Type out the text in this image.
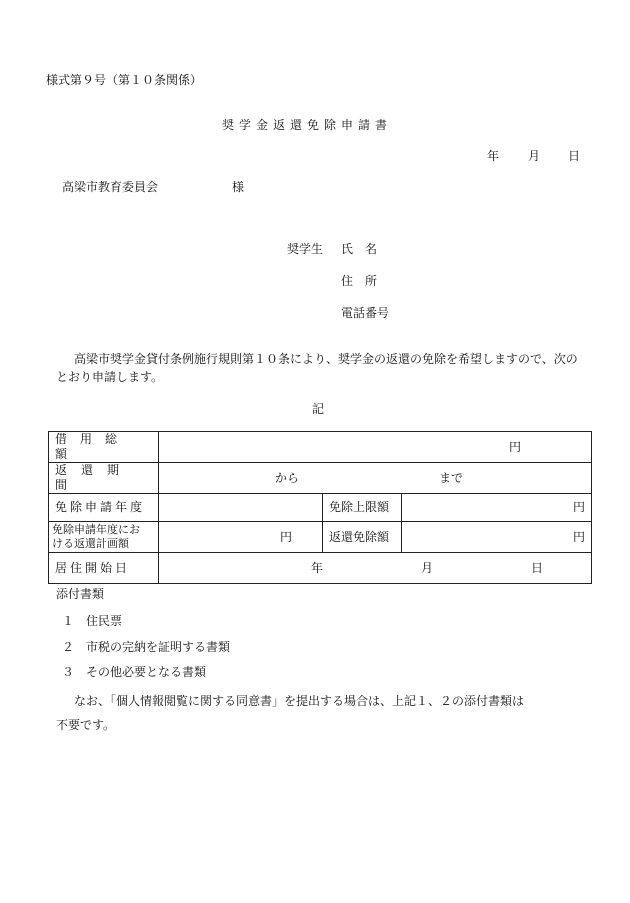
様式第９号（第１０条関係）
奨学金返還免除申請書
年 月 日
高梁市教育委員会	様
奨学生 氏　名
住　所
電話番号
高梁市奨学金貸付条例施行規則第１０条により、奨学金の返還の免除を希望しますので、次のとおり申請します。
記
借用総額	円		
返還期間	から まで		
免除申請年度		免除上限額	円
免除申請年度にお
ける返還計画額	円	返還免除額	円
居住開始日	年 月 日		
添付書類
１ 住民票
２ 市税の完納を証明する書類
３ その他必要となる書類
なお、「個人情報閲覧に関する同意書」を提出する場合は、上記１、２の添付書類は
不要です。
